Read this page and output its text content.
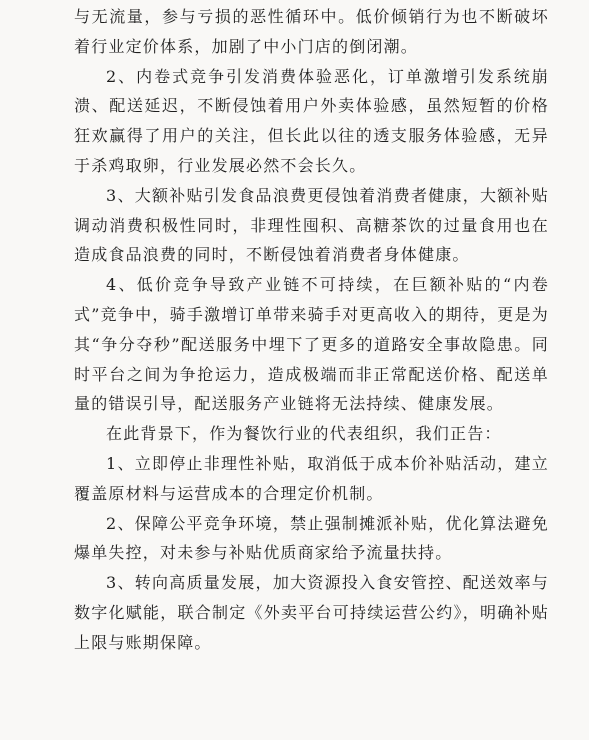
与无流量，参与亏损的恶性循环中。低价倾销行为也不断破坏着行业定价体系，加剧了中小门店的倒闭潮。

2、内卷式竞争引发消费体验恶化，订单激增引发系统崩溃、配送延迟，不断侵蚀着用户外卖体验感，虽然短暂的价格狂欢赢得了用户的关注，但长此以往的透支服务体验感，无异于杀鸡取卵，行业发展必然不会长久。

3、大额补贴引发食品浪费更侵蚀着消费者健康，大额补贴调动消费积极性同时，非理性囤积、高糖茶饮的过量食用也在造成食品浪费的同时，不断侵蚀着消费者身体健康。

4、低价竞争导致产业链不可持续，在巨额补贴的“内卷式”竞争中，骑手激增订单带来骑手对更高收入的期待，更是为其“争分夺秒”配送服务中埋下了更多的道路安全事故隐患。同时平台之间为争抢运力，造成极端而非正常配送价格、配送单量的错误引导，配送服务产业链将无法持续、健康发展。

在此背景下，作为餐饮行业的代表组织，我们正告：

1、立即停止非理性补贴，取消低于成本价补贴活动，建立覆盖原材料与运营成本的合理定价机制。

2、保障公平竞争环境，禁止强制摊派补贴，优化算法避免爆单失控，对未参与补贴优质商家给予流量扶持。

3、转向高质量发展，加大资源投入食安管控、配送效率与数字化赋能，联合制定《外卖平台可持续运营公约》，明确补贴上限与账期保障。
